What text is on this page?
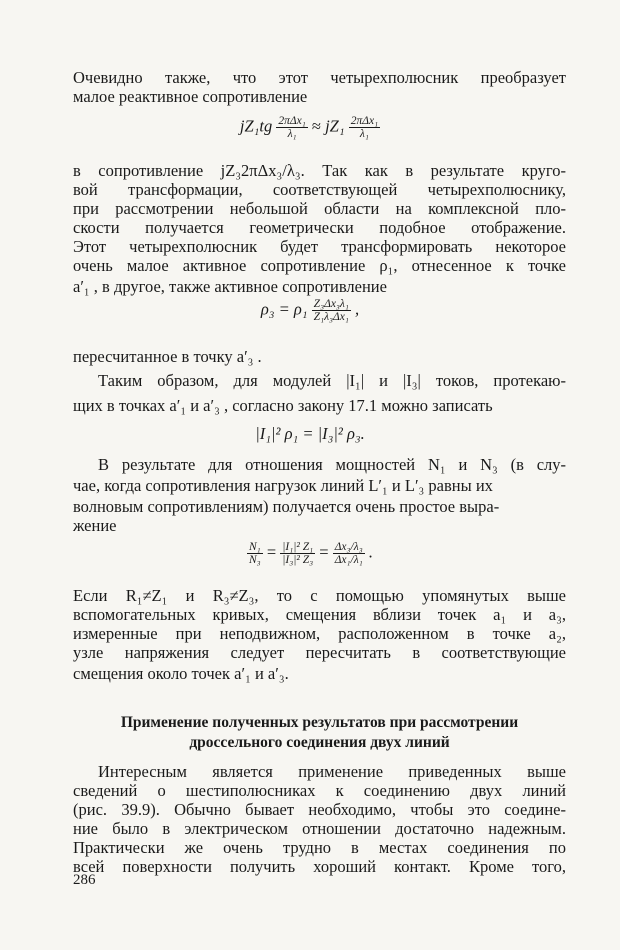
Очевидно также, что этот четырехполюсник преобразует
малое реактивное сопротивление
$jZ_1tg \frac{\text{2πΔx₁}}{\text{λ₁}} \approx jZ_1 \frac{\text{2πΔx₁}}{\text{λ₁}}$
в сопротивление jZ₃2πΔx₃/λ₃. Так как в результате круго-
вой трансформации, соответствующей четырехполюснику,
при рассмотрении небольшой области на комплексной пло-
скости получается геометрически подобное отображение.
Этот четырехполюсник будет трансформировать некоторое
очень малое активное сопротивление ρ₁, отнесенное к точке
a′₁ , в другое, также активное сопротивление
$\rho_3 = \rho_1 \frac{\text{Z₃Δx₃λ₁}}{\text{Z₁λ₃Δx₁}}$ ,
пересчитанное в точку a′₃ .
Таким образом, для модулей |I₁| и |I₃| токов, протекаю-
щих в точках a′₁ и a′₃ , согласно закону 17.1 можно записать
|I₁|² ρ₁ = |I₃|² ρ₃.
В результате для отношения мощностей N₁ и N₃ (в слу-
чае, когда сопротивления нагрузок линий L′₁ и L′₃ равны их
волновым сопротивлениям) получается очень простое выра-
жение
$\frac{\text{N₁}}{\text{N₃}} = \frac{\text{|I₁|² Z₁}}{\text{|I₃|² Z₃}} = \frac{\text{Δx₃/λ₃}}{\text{Δx₁/λ₁}}$ .
Если R₁≠Z₁ и R₃≠Z₃, то с помощью упомянутых выше
вспомогательных кривых, смещения вблизи точек a₁ и a₃,
измеренные при неподвижном, расположенном в точке a₂,
узле напряжения следует пересчитать в соответствующие
смещения около точек a′₁ и a′₃.
Применение полученных результатов при рассмотрении
дроссельного соединения двух линий
Интересным является применение приведенных выше
сведений о шестиполюсниках к соединению двух линий
(рис. 39.9). Обычно бывает необходимо, чтобы это соедине-
ние было в электрическом отношении достаточно надежным.
Практически же очень трудно в местах соединения по
всей поверхности получить хороший контакт. Кроме того,
286
